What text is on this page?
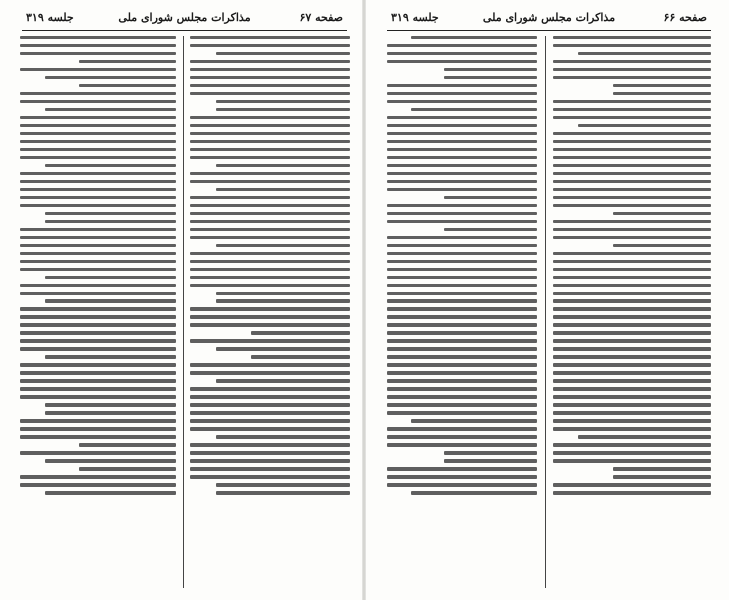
صفحه ۶۷
مذاکرات مجلس شورای ملی
جلسه ۳۱۹	صفحه ۶۶
مذاکرات مجلس شورای ملی
جلسه ۳۱۹
